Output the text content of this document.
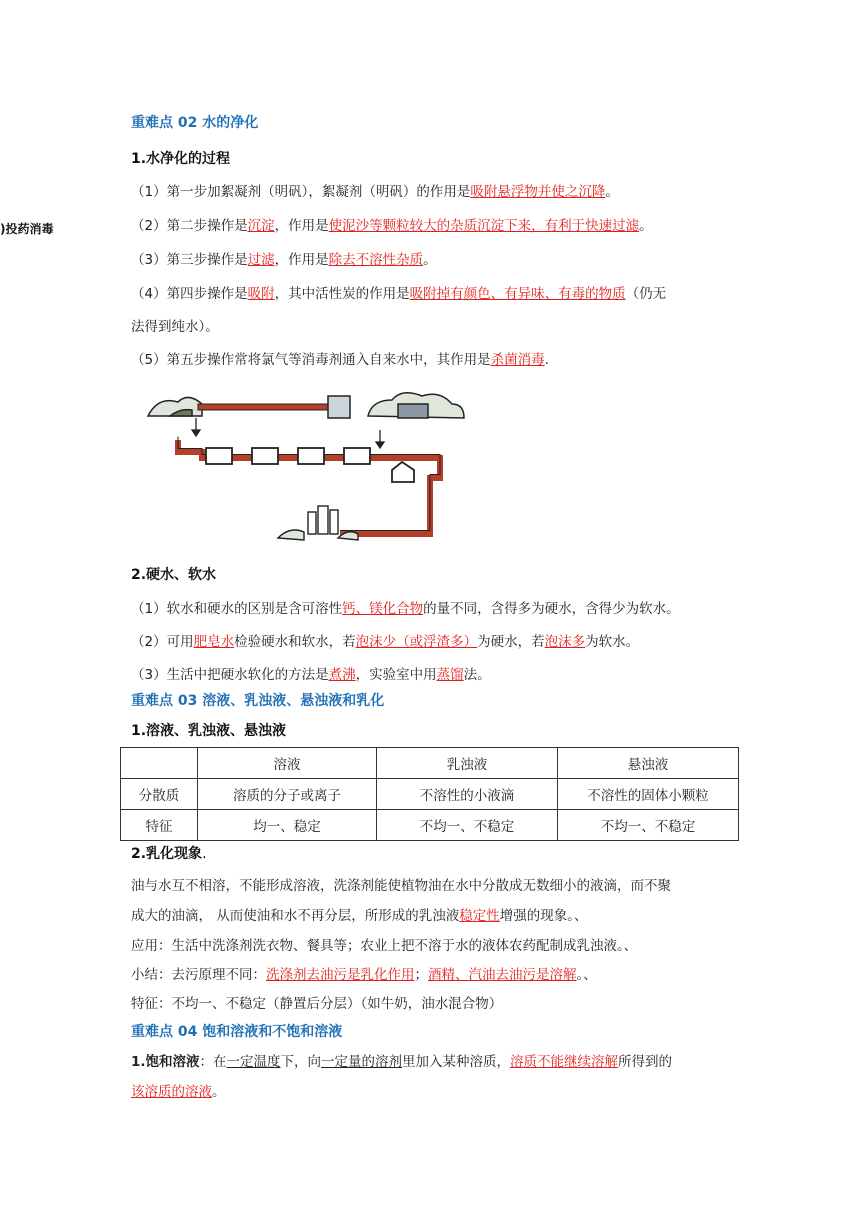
)投药消毒
重难点 02 水的净化
1.水净化的过程
（1）第一步加絮凝剂（明矾），絮凝剂（明矾）的作用是吸附悬浮物并使之沉降。
（2）第二步操作是沉淀，作用是使泥沙等颗粒较大的杂质沉淀下来，有利于快速过滤。
（3）第三步操作是过滤，作用是除去不溶性杂质。
（4）第四步操作是吸附，其中活性炭的作用是吸附掉有颜色、有异味、有毒的物质（仍无
法得到纯水）。
（5）第五步操作常将氯气等消毒剂通入自来水中，其作用是杀菌消毒.
2.硬水、软水
（1）软水和硬水的区别是含可溶性钙、镁化合物的量不同，含得多为硬水，含得少为软水。
（2）可用肥皂水检验硬水和软水，若泡沫少（或浮渣多）为硬水，若泡沫多为软水。
（3）生活中把硬水软化的方法是煮沸，实验室中用蒸馏法。
重难点 03 溶液、乳浊液、悬浊液和乳化
1.溶液、乳浊液、悬浊液
	溶液	乳浊液	悬浊液
分散质	溶质的分子或离子	不溶性的小液滴	不溶性的固体小颗粒
特征	均一、稳定	不均一、不稳定	不均一、不稳定
2.乳化现象.
油与水互不相溶，不能形成溶液，洗涤剂能使植物油在水中分散成无数细小的液滴，而不聚
成大的油滴， 从而使油和水不再分层，所形成的乳浊液稳定性增强的现象。、
应用：生活中洗涤剂洗衣物、餐具等；农业上把不溶于水的液体农药配制成乳浊液。、
小结：去污原理不同：洗涤剂去油污是乳化作用；酒精、汽油去油污是溶解。、
特征：不均一、不稳定（静置后分层）（如牛奶，油水混合物）
重难点 04 饱和溶液和不饱和溶液
1.饱和溶液：在一定温度下，向一定量的溶剂里加入某种溶质，溶质不能继续溶解所得到的
该溶质的溶液。
